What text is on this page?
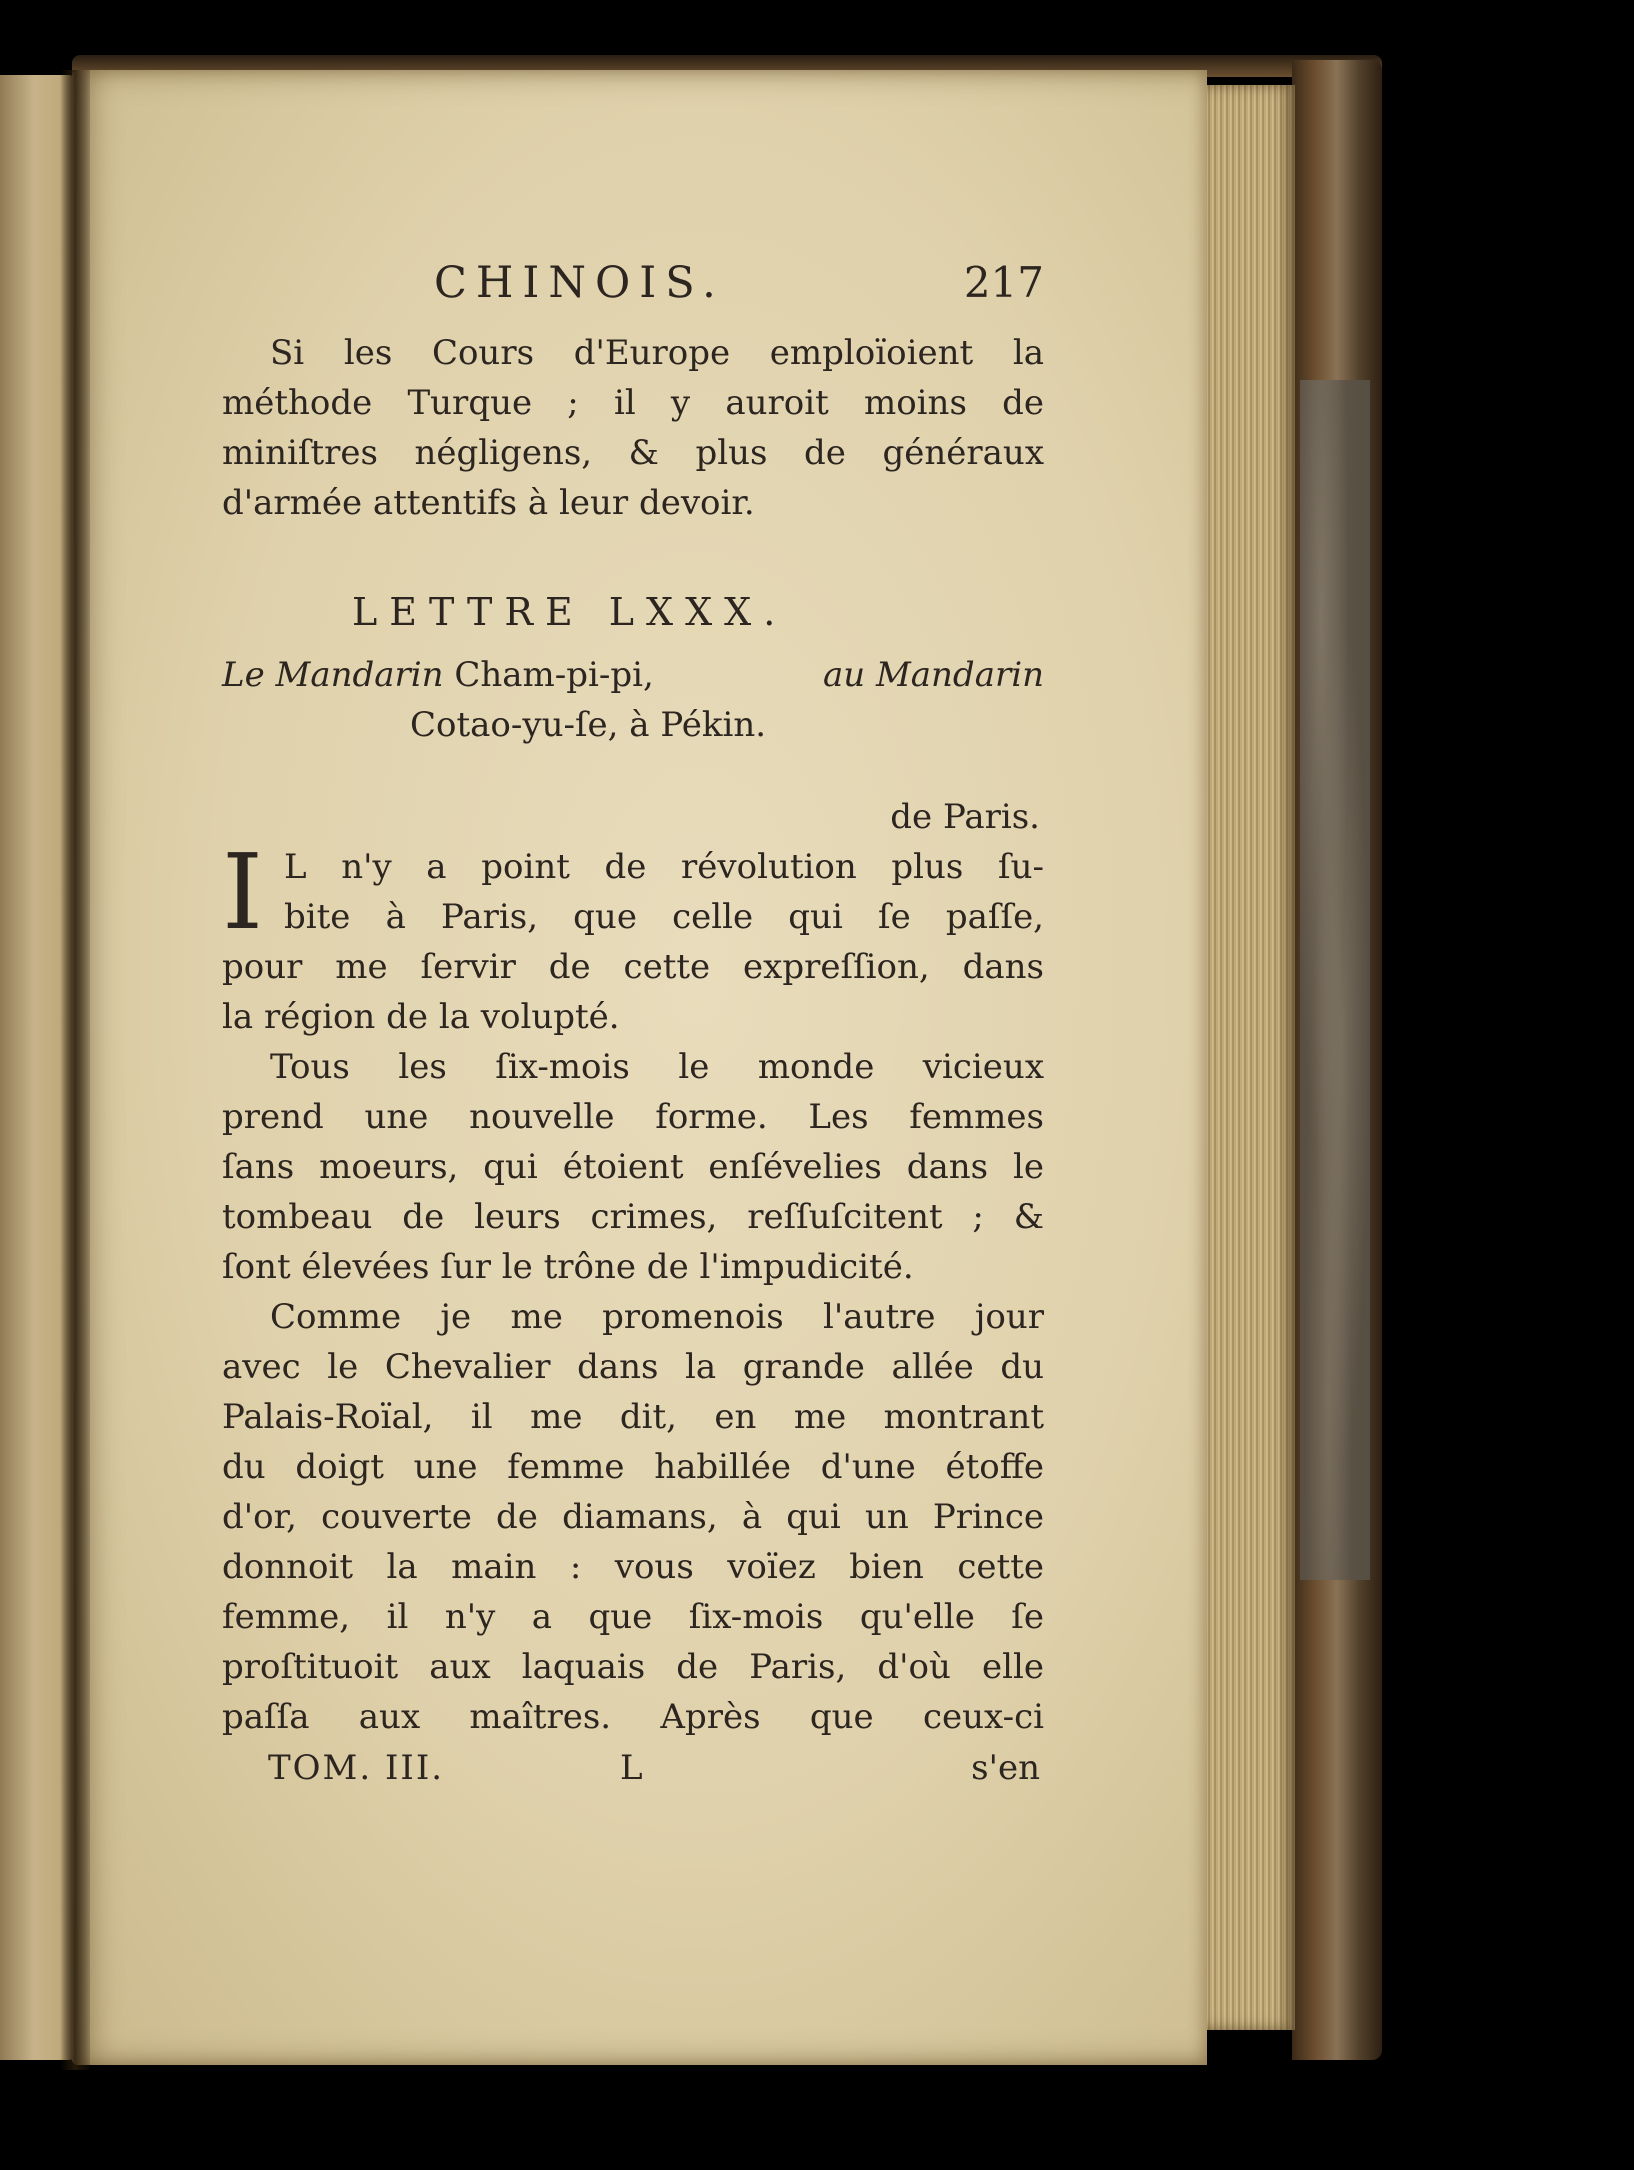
CHINOIS.	217
Si les Cours d'Europe emploïoient la
méthode Turque ; il y auroit moins de
miniſtres négligens, & plus de généraux
d'armée attentifs à leur devoir.
LETTRE LXXX.
Le Mandarin Cham-pi-pi,	au Mandarin
Cotao-yu-ſe, à Pékin.
de Paris.
I L n'y a point de révolution plus ſu-
bite à Paris, que celle qui ſe paſſe,
pour me ſervir de cette expreſſion, dans
la région de la volupté.
Tous les ſix-mois le monde vicieux
prend une nouvelle forme. Les femmes
ſans moeurs, qui étoient enſévelies dans le
tombeau de leurs crimes, reſſuſcitent ; &
ſont élevées ſur le trône de l'impudicité.
Comme je me promenois l'autre jour
avec le Chevalier dans la grande allée du
Palais-Roïal, il me dit, en me montrant
du doigt une femme habillée d'une étoffe
d'or, couverte de diamans, à qui un Prince
donnoit la main : vous voïez bien cette
femme, il n'y a que ſix-mois qu'elle ſe
proſtituoit aux laquais de Paris, d'où elle
paſſa aux maîtres. Après que ceux-ci
TOM. III.	L	s'en
